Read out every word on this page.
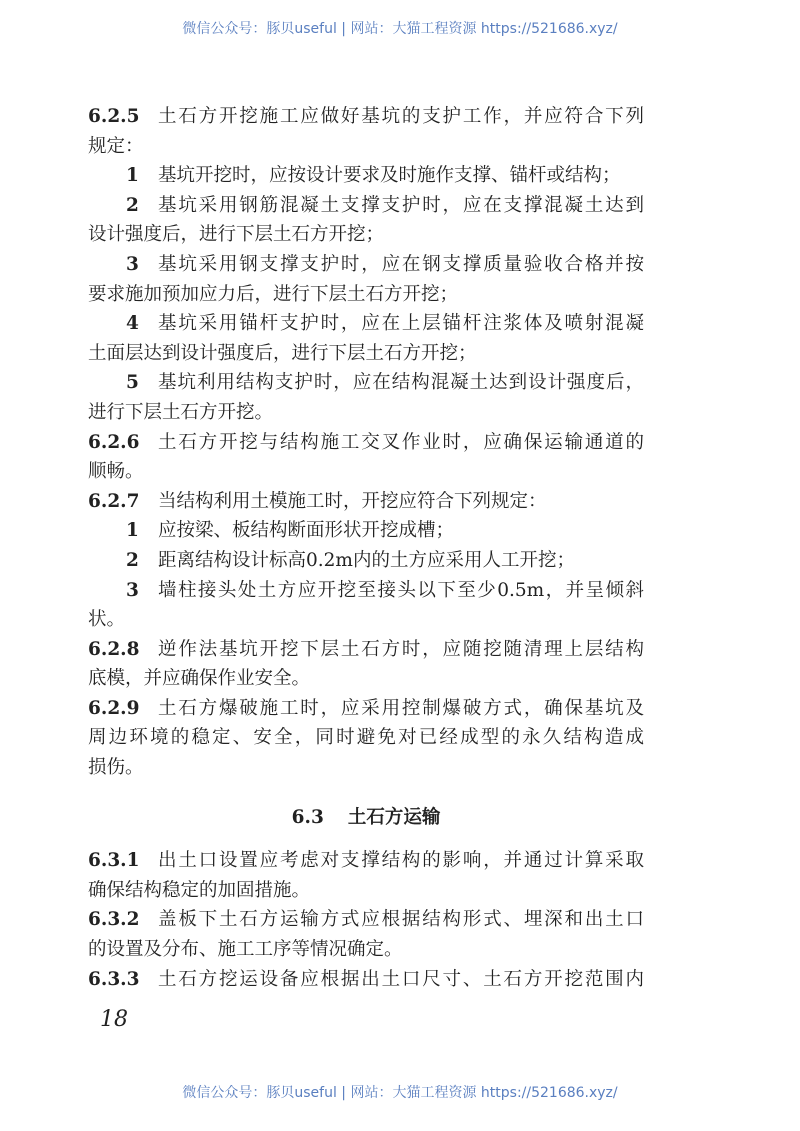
微信公众号：豚贝useful | 网站：大猫工程资源 https://521686.xyz/
6.2.5 土石方开挖施工应做好基坑的支护工作，并应符合下列
规定：
1 基坑开挖时，应按设计要求及时施作支撑、锚杆或结构；
2 基坑采用钢筋混凝土支撑支护时，应在支撑混凝土达到
设计强度后，进行下层土石方开挖；
3 基坑采用钢支撑支护时，应在钢支撑质量验收合格并按
要求施加预加应力后，进行下层土石方开挖；
4 基坑采用锚杆支护时，应在上层锚杆注浆体及喷射混凝
土面层达到设计强度后，进行下层土石方开挖；
5 基坑利用结构支护时，应在结构混凝土达到设计强度后，
进行下层土石方开挖。
6.2.6 土石方开挖与结构施工交叉作业时，应确保运输通道的
顺畅。
6.2.7 当结构利用土模施工时，开挖应符合下列规定：
1 应按梁、板结构断面形状开挖成槽；
2 距离结构设计标高0.2m内的土方应采用人工开挖；
3 墙柱接头处土方应开挖至接头以下至少0.5m，并呈倾斜
状。
6.2.8 逆作法基坑开挖下层土石方时，应随挖随清理上层结构
底模，并应确保作业安全。
6.2.9 土石方爆破施工时，应采用控制爆破方式，确保基坑及
周边环境的稳定、安全，同时避免对已经成型的永久结构造成
损伤。
6.3 土石方运输
6.3.1 出土口设置应考虑对支撑结构的影响，并通过计算采取
确保结构稳定的加固措施。
6.3.2 盖板下土石方运输方式应根据结构形式、埋深和出土口
的设置及分布、施工工序等情况确定。
6.3.3 土石方挖运设备应根据出土口尺寸、土石方开挖范围内
18
微信公众号：豚贝useful | 网站：大猫工程资源 https://521686.xyz/
